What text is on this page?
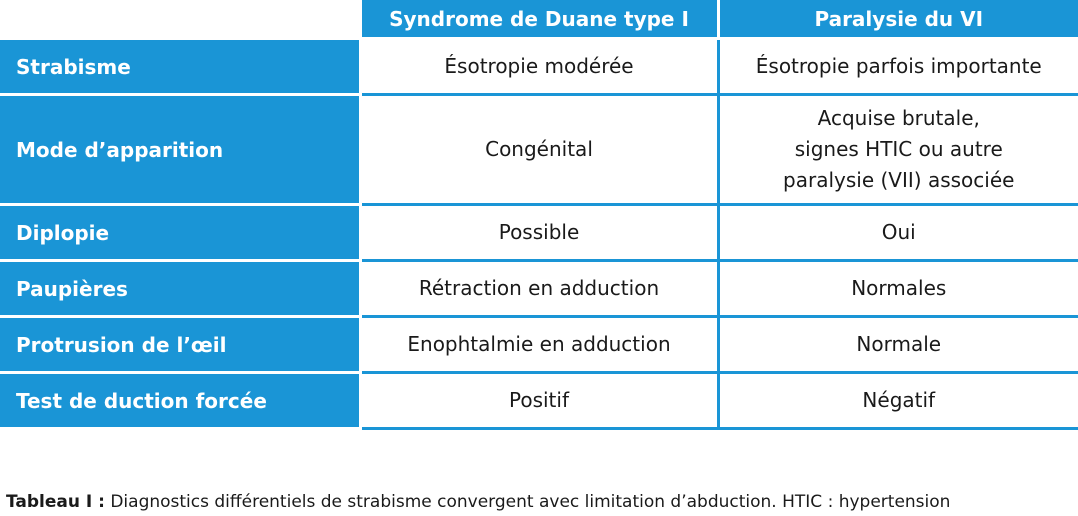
	Syndrome de Duane type I	Paralysie du VI
Strabisme	Ésotropie modérée	Ésotropie parfois importante
Mode d’apparition	Congénital	Acquise brutale,
signes HTIC ou autre
paralysie (VII) associée
Diplopie	Possible	Oui
Paupières	Rétraction en adduction	Normales
Protrusion de l’œil	Enophtalmie en adduction	Normale
Test de duction forcée	Positif	Négatif
Tableau I : Diagnostics différentiels de strabisme convergent avec limitation d’abduction. HTIC : hypertension
